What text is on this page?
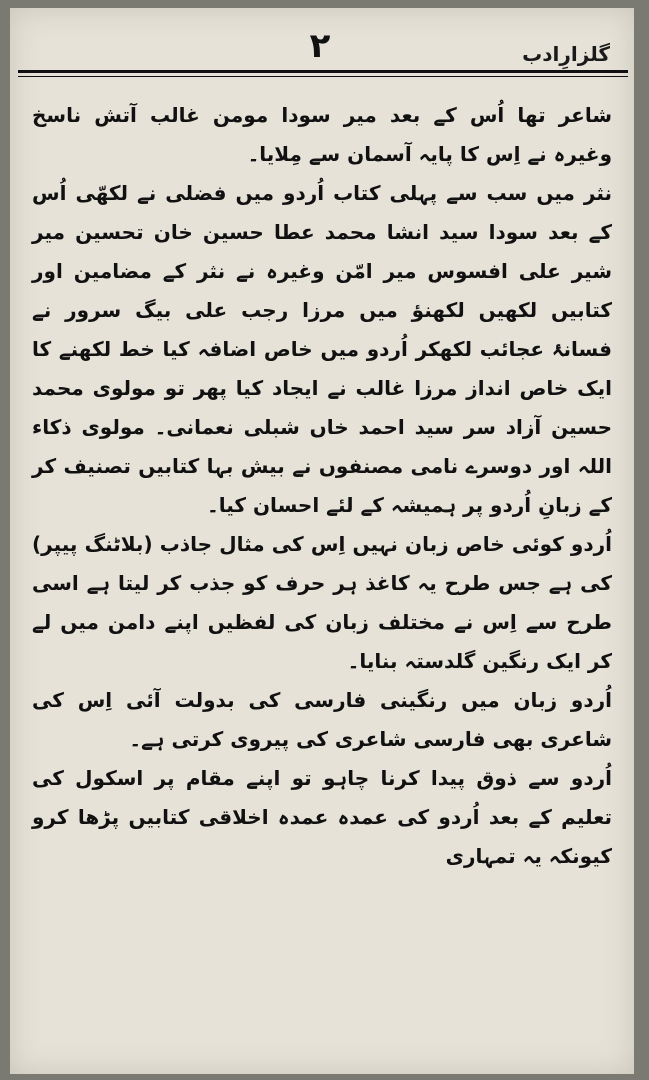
گلزارِادب
۲

شاعر تھا اُس کے بعد میر سودا مومن غالب آتش ناسخ وغیرہ نے اِس کا پایہ آسمان سے مِلایا۔

نثر میں سب سے پہلی کتاب اُردو میں فضلی نے لکھّی اُس کے بعد سودا سید انشا محمد عطا حسین خان تحسین میر شیر علی افسوس میر امّن وغیرہ نے نثر کے مضامین اور کتابیں لکھیں لکھنؤ میں مرزا رجب علی بیگ سرور نے فسانۂ عجائب لکھکر اُردو میں خاص اضافہ کیا خط لکھنے کا ایک خاص انداز مرزا غالب نے ایجاد کیا پھر تو مولوی محمد حسین آزاد سر سید احمد خاں شبلی نعمانی۔ مولوی ذکاء اللہ اور دوسرے نامی مصنفوں نے بیش بہا کتابیں تصنیف کر کے زبانِ اُردو پر ہمیشہ کے لئے احسان کیا۔

اُردو کوئی خاص زبان نہیں اِس کی مثال جاذب (بلاٹنگ پیپر) کی ہے جس طرح یہ کاغذ ہر حرف کو جذب کر لیتا ہے اسی طرح سے اِس نے مختلف زبان کی لفظیں اپنے دامن میں لے کر ایک رنگین گلدستہ بنایا۔

اُردو زبان میں رنگینی فارسی کی بدولت آئی اِس کی شاعری بھی فارسی شاعری کی پیروی کرتی ہے۔

اُردو سے ذوق پیدا کرنا چاہو تو اپنے مقام پر اسکول کی تعلیم کے بعد اُردو کی عمدہ عمدہ اخلاقی کتابیں پڑھا کرو کیونکہ یہ تمہاری
